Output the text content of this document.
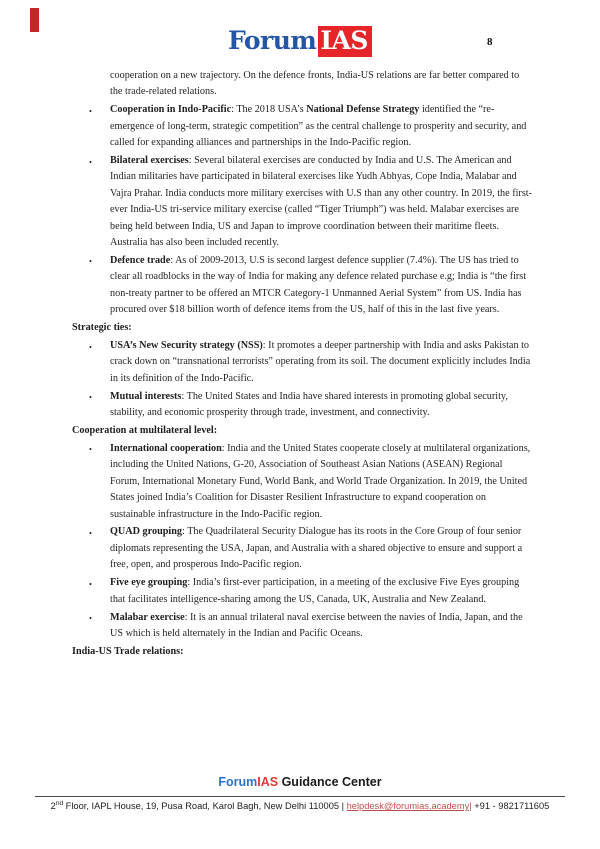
Forum IAS	8
cooperation on a new trajectory. On the defence fronts, India-US relations are far better compared to the trade-related relations.
• Cooperation in Indo-Pacific: The 2018 USA’s National Defense Strategy identified the “re-emergence of long-term, strategic competition” as the central challenge to prosperity and security, and called for expanding alliances and partnerships in the Indo-Pacific region.
• Bilateral exercises: Several bilateral exercises are conducted by India and U.S. The American and Indian militaries have participated in bilateral exercises like Yudh Abhyas, Cope India, Malabar and Vajra Prahar. India conducts more military exercises with U.S than any other country. In 2019, the first-ever India-US tri-service military exercise (called “Tiger Triumph”) was held. Malabar exercises are being held between India, US and Japan to improve coordination between their maritime fleets. Australia has also been included recently.
• Defence trade: As of 2009-2013, U.S is second largest defence supplier (7.4%). The US has tried to clear all roadblocks in the way of India for making any defence related purchase e.g; India is “the first non-treaty partner to be offered an MTCR Category-1 Unmanned Aerial System” from US. India has procured over $18 billion worth of defence items from the US, half of this in the last five years.
Strategic ties:
• USA’s New Security strategy (NSS): It promotes a deeper partnership with India and asks Pakistan to crack down on “transnational terrorists” operating from its soil. The document explicitly includes India in its definition of the Indo-Pacific.
• Mutual interests: The United States and India have shared interests in promoting global security, stability, and economic prosperity through trade, investment, and connectivity.
Cooperation at multilateral level:
• International cooperation: India and the United States cooperate closely at multilateral organizations, including the United Nations, G-20, Association of Southeast Asian Nations (ASEAN) Regional Forum, International Monetary Fund, World Bank, and World Trade Organization. In 2019, the United States joined India’s Coalition for Disaster Resilient Infrastructure to expand cooperation on sustainable infrastructure in the Indo-Pacific region.
• QUAD grouping: The Quadrilateral Security Dialogue has its roots in the Core Group of four senior diplomats representing the USA, Japan, and Australia with a shared objective to ensure and support a free, open, and prosperous Indo-Pacific region.
• Five eye grouping: India’s first-ever participation, in a meeting of the exclusive Five Eyes grouping that facilitates intelligence-sharing among the US, Canada, UK, Australia and New Zealand.
• Malabar exercise: It is an annual trilateral naval exercise between the navies of India, Japan, and the US which is held alternately in the Indian and Pacific Oceans.
India-US Trade relations:
ForumIAS Guidance Center
2nd Floor, IAPL House, 19, Pusa Road, Karol Bagh, New Delhi 110005 | helpdesk@forumias.academy| +91 - 9821711605
